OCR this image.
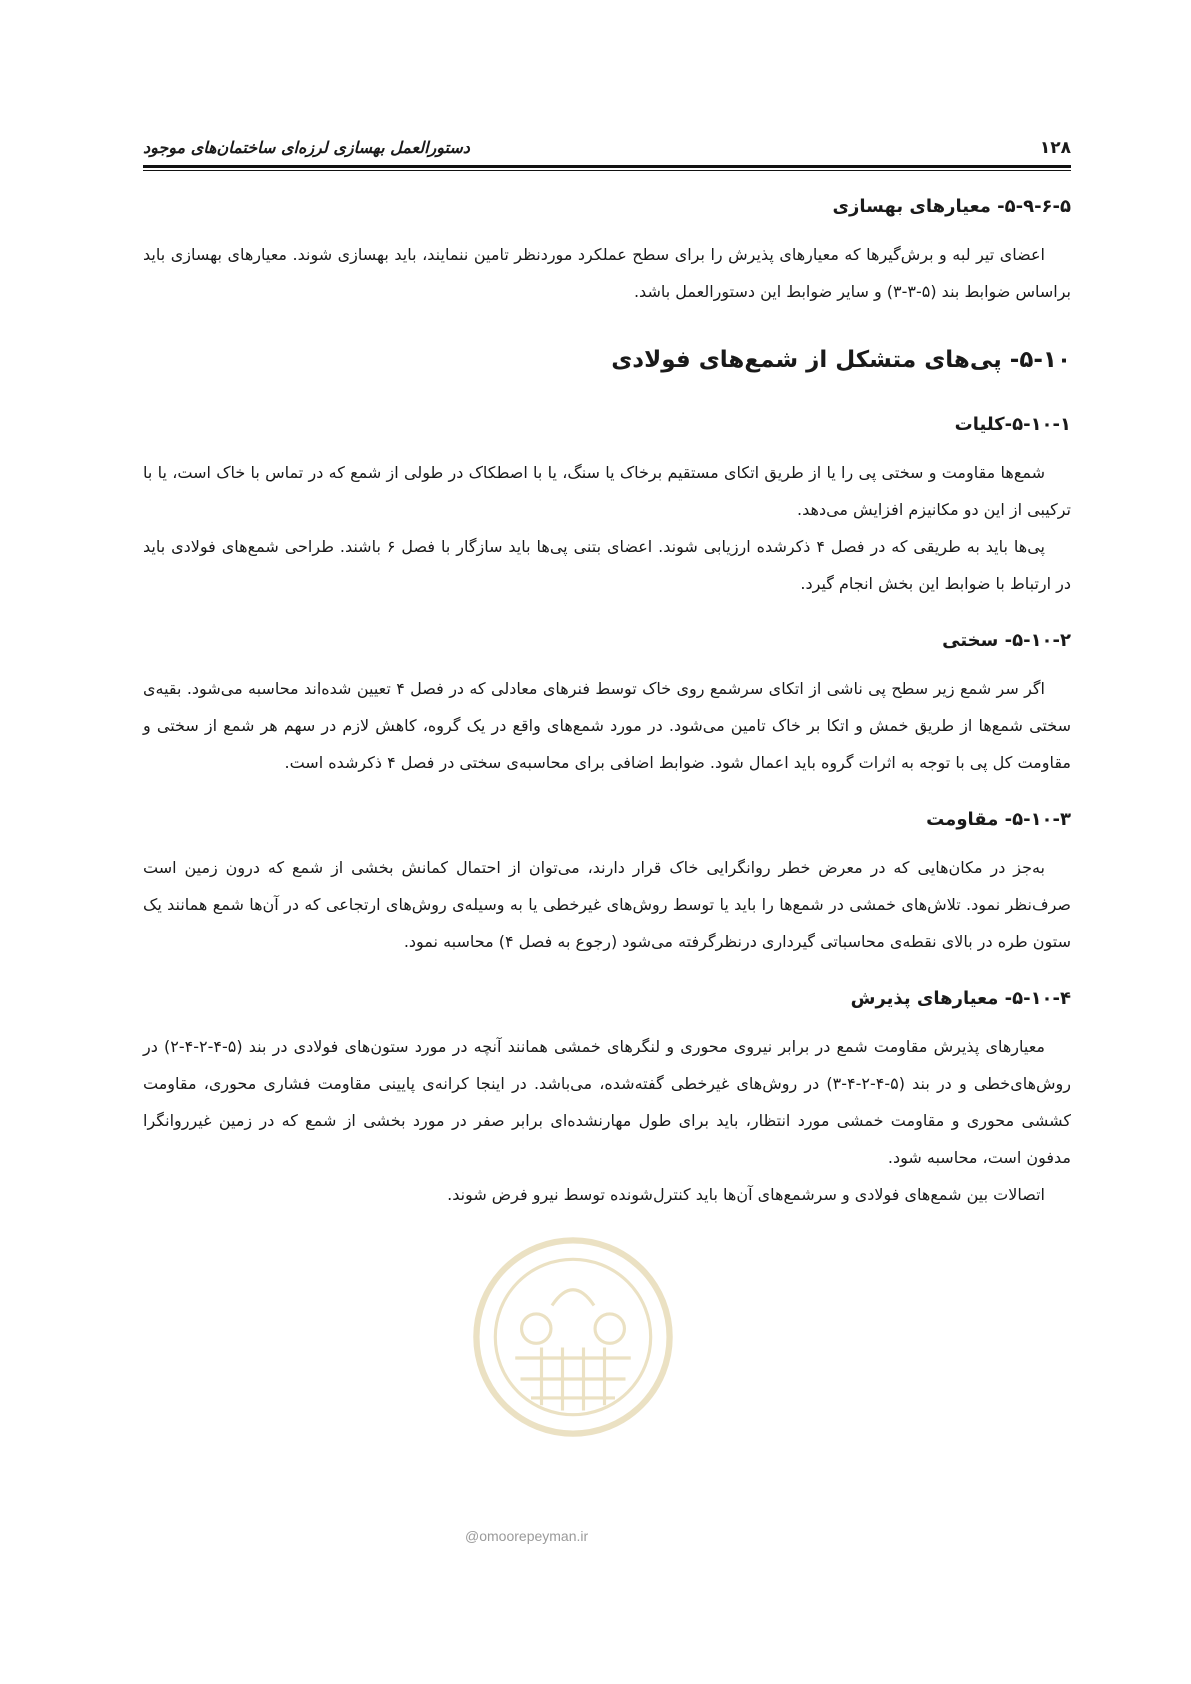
۱۲۸
دستورالعمل بهسازی لرزه‌ای ساختمان‌های موجود
۵-۹-۶-۵- معیارهای بهسازی

اعضای تیر لبه و برش‌گیرها که معیارهای پذیرش را برای سطح عملکرد موردنظر تامین ننمایند، باید بهسازی شوند. معیارهای بهسازی باید براساس ضوابط بند (۵-۳-۳) و سایر ضوابط این دستورالعمل باشد.

۵-۱۰- پی‌های متشکل از شمع‌های فولادی
۵-۱۰-۱-کلیات

شمع‌ها مقاومت و سختی پی را یا از طریق اتکای مستقیم برخاک یا سنگ، یا با اصطکاک در طولی از شمع که در تماس با خاک است، یا با ترکیبی از این دو مکانیزم افزایش می‌دهد.

پی‌ها باید به طریقی که در فصل ۴ ذکرشده ارزیابی شوند. اعضای بتنی پی‌ها باید سازگار با فصل ۶ باشند. طراحی شمع‌های فولادی باید در ارتباط با ضوابط این بخش انجام گیرد.

۵-۱۰-۲- سختی

اگر سر شمع زیر سطح پی ناشی از اتکای سرشمع روی خاک توسط فنرهای معادلی که در فصل ۴ تعیین شده‌اند محاسبه می‌شود. بقیه‌ی سختی شمع‌ها از طریق خمش و اتکا بر خاک تامین می‌شود. در مورد شمع‌های واقع در یک گروه، کاهش لازم در سهم هر شمع از سختی و مقاومت کل پی با توجه به اثرات گروه باید اعمال شود. ضوابط اضافی برای محاسبه‌ی سختی در فصل ۴ ذکرشده است.

۵-۱۰-۳- مقاومت

به‌جز در مکان‌هایی که در معرض خطر روانگرایی خاک قرار دارند، می‌توان از احتمال کمانش بخشی از شمع که درون زمین است صرف‌نظر نمود. تلاش‌های خمشی در شمع‌ها را باید یا توسط روش‌های غیرخطی یا به وسیله‌ی روش‌های ارتجاعی که در آن‌ها شمع همانند یک ستون طره در بالای نقطه‌ی محاسباتی گیرداری درنظرگرفته می‌شود (رجوع به فصل ۴) محاسبه نمود.

۵-۱۰-۴- معیارهای پذیرش

معیارهای پذیرش مقاومت شمع در برابر نیروی محوری و لنگرهای خمشی همانند آنچه در مورد ستون‌های فولادی در بند (۵-۴-۲-۴-۲) در روش‌های‌خطی و در بند (۵-۴-۲-۴-۳) در روش‌های غیرخطی گفته‌شده، می‌باشد. در اینجا کرانه‌ی پایینی مقاومت فشاری محوری، مقاومت کششی محوری و مقاومت خمشی مورد انتظار، باید برای طول مهارنشده‌ای برابر صفر در مورد بخشی از شمع که در زمین غیرروانگرا مدفون است، محاسبه شود.

اتصالات بین شمع‌های فولادی و سرشمع‌های آن‌ها باید کنترل‌شونده توسط نیرو فرض شوند.

@omoorepeyman.ir
